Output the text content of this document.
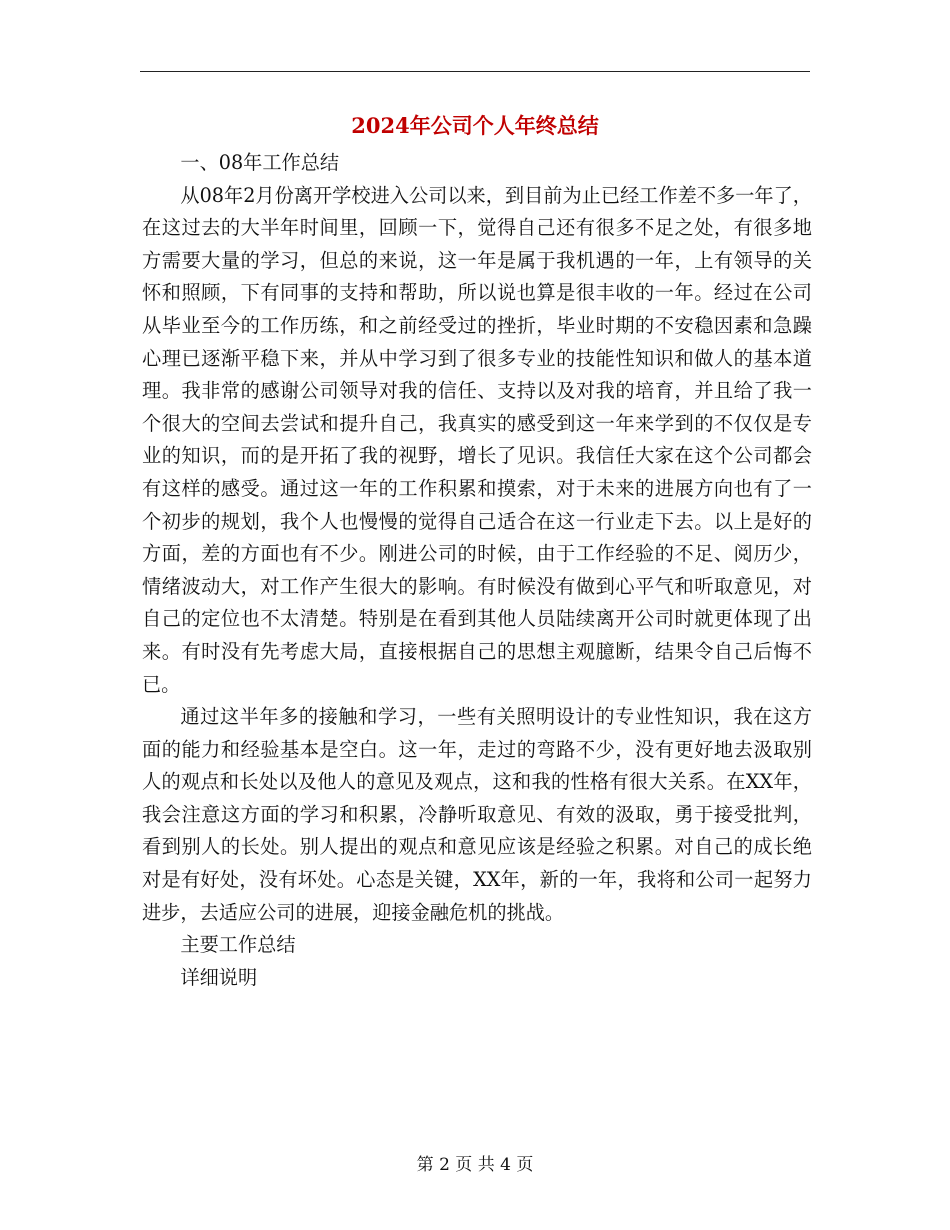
2024年公司个人年终总结

一、08年工作总结

从08年2月份离开学校进入公司以来，到目前为止已经工作差不多一年了，在这过去的大半年时间里，回顾一下，觉得自己还有很多不足之处，有很多地方需要大量的学习，但总的来说，这一年是属于我机遇的一年，上有领导的关怀和照顾，下有同事的支持和帮助，所以说也算是很丰收的一年。经过在公司从毕业至今的工作历练，和之前经受过的挫折，毕业时期的不安稳因素和急躁心理已逐渐平稳下来，并从中学习到了很多专业的技能性知识和做人的基本道理。我非常的感谢公司领导对我的信任、支持以及对我的培育，并且给了我一个很大的空间去尝试和提升自己，我真实的感受到这一年来学到的不仅仅是专业的知识，而的是开拓了我的视野，增长了见识。我信任大家在这个公司都会有这样的感受。通过这一年的工作积累和摸索，对于未来的进展方向也有了一个初步的规划，我个人也慢慢的觉得自己适合在这一行业走下去。以上是好的方面，差的方面也有不少。刚进公司的时候，由于工作经验的不足、阅历少，情绪波动大，对工作产生很大的影响。有时候没有做到心平气和听取意见，对自己的定位也不太清楚。特别是在看到其他人员陆续离开公司时就更体现了出来。有时没有先考虑大局，直接根据自己的思想主观臆断，结果令自己后悔不已。

通过这半年多的接触和学习，一些有关照明设计的专业性知识，我在这方面的能力和经验基本是空白。这一年，走过的弯路不少，没有更好地去汲取别人的观点和长处以及他人的意见及观点，这和我的性格有很大关系。在XX年，我会注意这方面的学习和积累，冷静听取意见、有效的汲取，勇于接受批判，看到别人的长处。别人提出的观点和意见应该是经验之积累。对自己的成长绝对是有好处，没有坏处。心态是关键，XX年，新的一年，我将和公司一起努力进步，去适应公司的进展，迎接金融危机的挑战。

主要工作总结

详细说明

第 2 页 共 4 页
